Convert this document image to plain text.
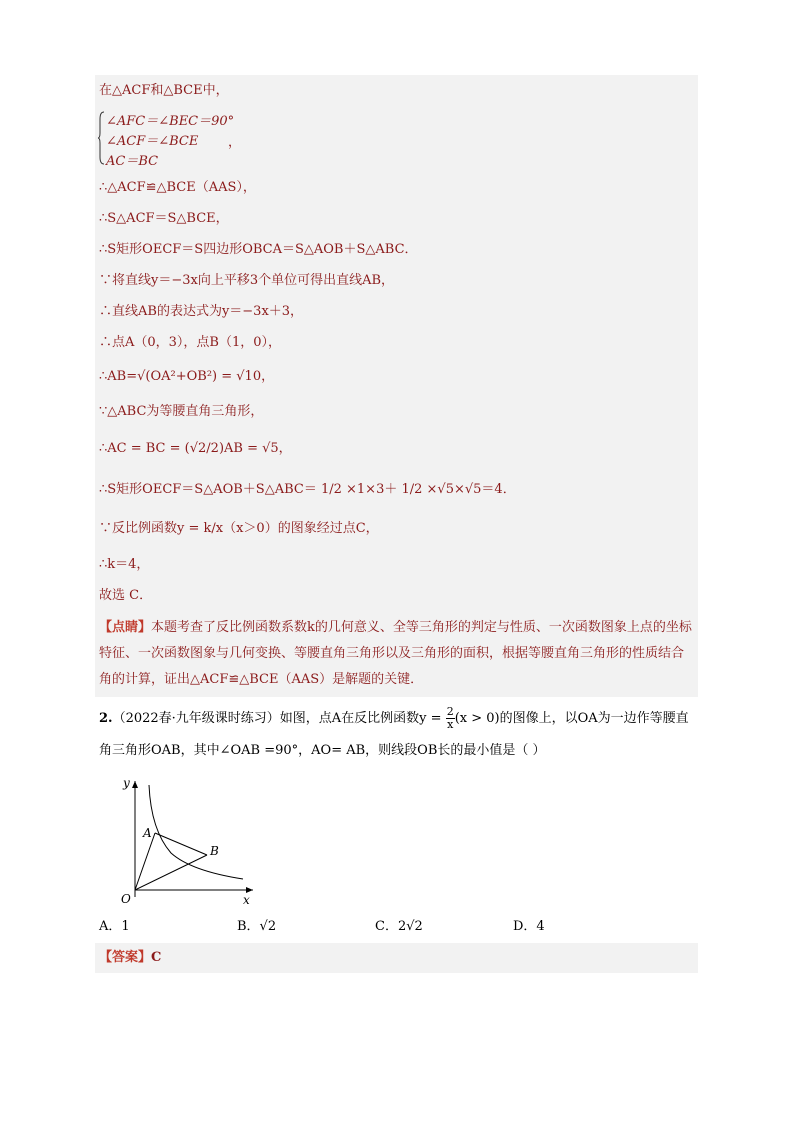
在△ACF和△BCE中，
∠AFC＝∠BEC＝90°
∠ACF＝∠BCE
AC＝BC
，
∴△ACF≌△BCE（AAS），
∴S△ACF＝S△BCE，
∴S矩形OECF＝S四边形OBCA＝S△AOB＋S△ABC．
∵将直线y＝−3x向上平移3个单位可得出直线AB，
∴直线AB的表达式为y＝−3x＋3，
∴点A（0，3），点B（1，0），
∴AB=√(OA²+OB²) = √10，
∵△ABC为等腰直角三角形，
∴AC = BC = (√2/2)AB = √5，
∴S矩形OECF＝S△AOB＋S△ABC＝ 1/2 ×1×3＋ 1/2 ×√5×√5＝4．
∵反比例函数y = k/x（x＞0）的图象经过点C，
∴k＝4，
故选 C．
【点睛】本题考查了反比例函数系数k的几何意义、全等三角形的判定与性质、一次函数图象上点的坐标特征、一次函数图象与几何变换、等腰直角三角形以及三角形的面积，根据等腰直角三角形的性质结合角的计算，证出△ACF≌△BCE（AAS）是解题的关键．
2.（2022春·九年级课时练习）如图，点A在反比例函数$y = \frac{2}{x} (x > 0)$的图像上，以OA为一边作等腰直角三角形OAB，其中∠OAB =90°，AO= AB，则线段OB长的最小值是（ ）
y
x
O
A
B
A．1	B．√2	C．2√2	D．4
【答案】C
